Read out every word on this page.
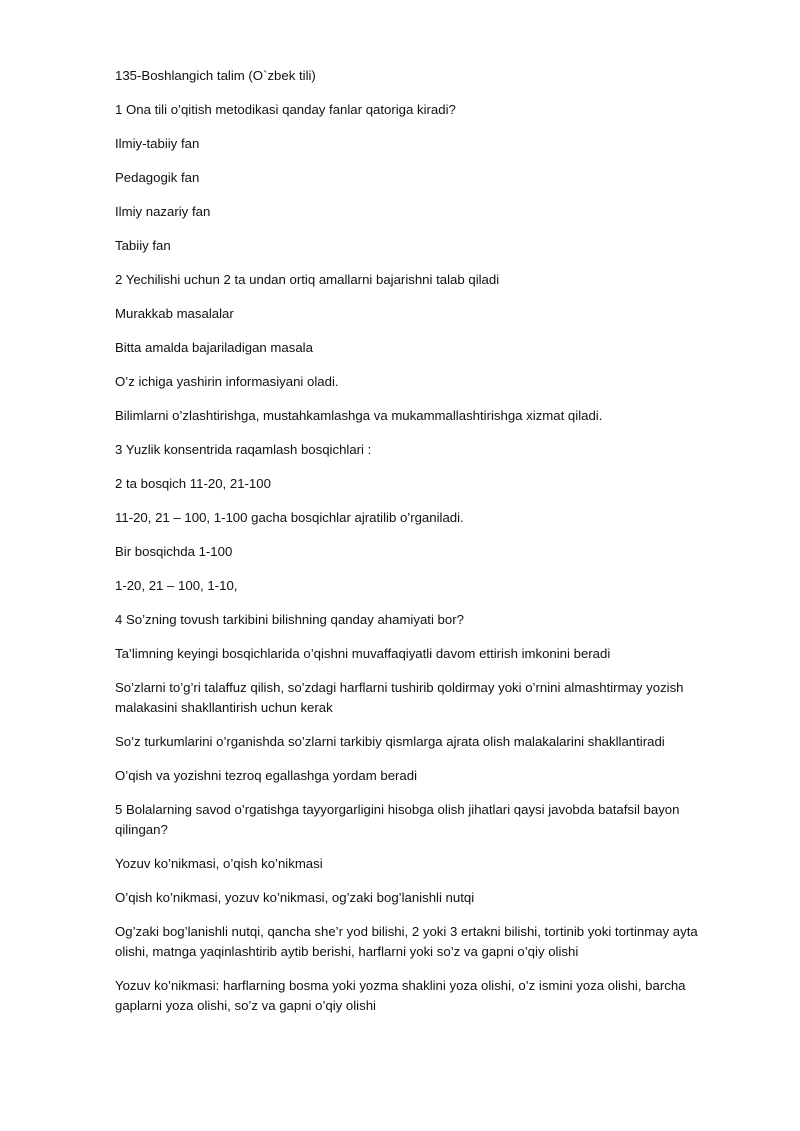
135-Boshlangich talim (O`zbek tili)

1 Ona tili o’qitish metodikasi qanday fanlar qatoriga kiradi?

Ilmiy-tabiiy fan

Pedagogik fan

Ilmiy nazariy fan

Tabiiy fan

2 Yechilishi uchun 2 ta undan ortiq amallarni bajarishni talab qiladi

Murakkab masalalar

Bitta amalda bajariladigan masala

O’z ichiga yashirin informasiyani oladi.

Bilimlarni o’zlashtirishga, mustahkamlashga va mukammallashtirishga xizmat qiladi.

3 Yuzlik konsentrida raqamlash bosqichlari :

2 ta bosqich 11-20, 21-100

11-20, 21 – 100, 1-100 gacha bosqichlar ajratilib o’rganiladi.

Bir bosqichda 1-100

1-20, 21 – 100, 1-10,

4 So’zning tovush tarkibini bilishning qanday ahamiyati bor?

Ta’limning keyingi bosqichlarida o’qishni muvaffaqiyatli davom ettirish imkonini beradi

So’zlarni to’g’ri talaffuz qilish, so’zdagi harflarni tushirib qoldirmay yoki o’rnini almashtirmay yozish malakasini shakllantirish uchun kerak

So’z turkumlarini o’rganishda so’zlarni tarkibiy qismlarga ajrata olish malakalarini shakllantiradi

O’qish va yozishni tezroq egallashga yordam beradi

5 Bolalarning savod o’rgatishga tayyorgarligini hisobga olish jihatlari qaysi javobda batafsil bayon qilingan?

Yozuv ko’nikmasi, o’qish ko’nikmasi

O’qish ko’nikmasi, yozuv ko’nikmasi, og’zaki bog’lanishli nutqi

Og’zaki bog’lanishli nutqi, qancha she’r yod bilishi, 2 yoki 3 ertakni bilishi, tortinib yoki tortinmay ayta olishi, matnga yaqinlashtirib aytib berishi, harflarni yoki so’z va gapni o’qiy olishi

Yozuv ko’nikmasi: harflarning bosma yoki yozma shaklini yoza olishi, o’z ismini yoza olishi, barcha gaplarni yoza olishi, so’z va gapni o’qiy olishi
